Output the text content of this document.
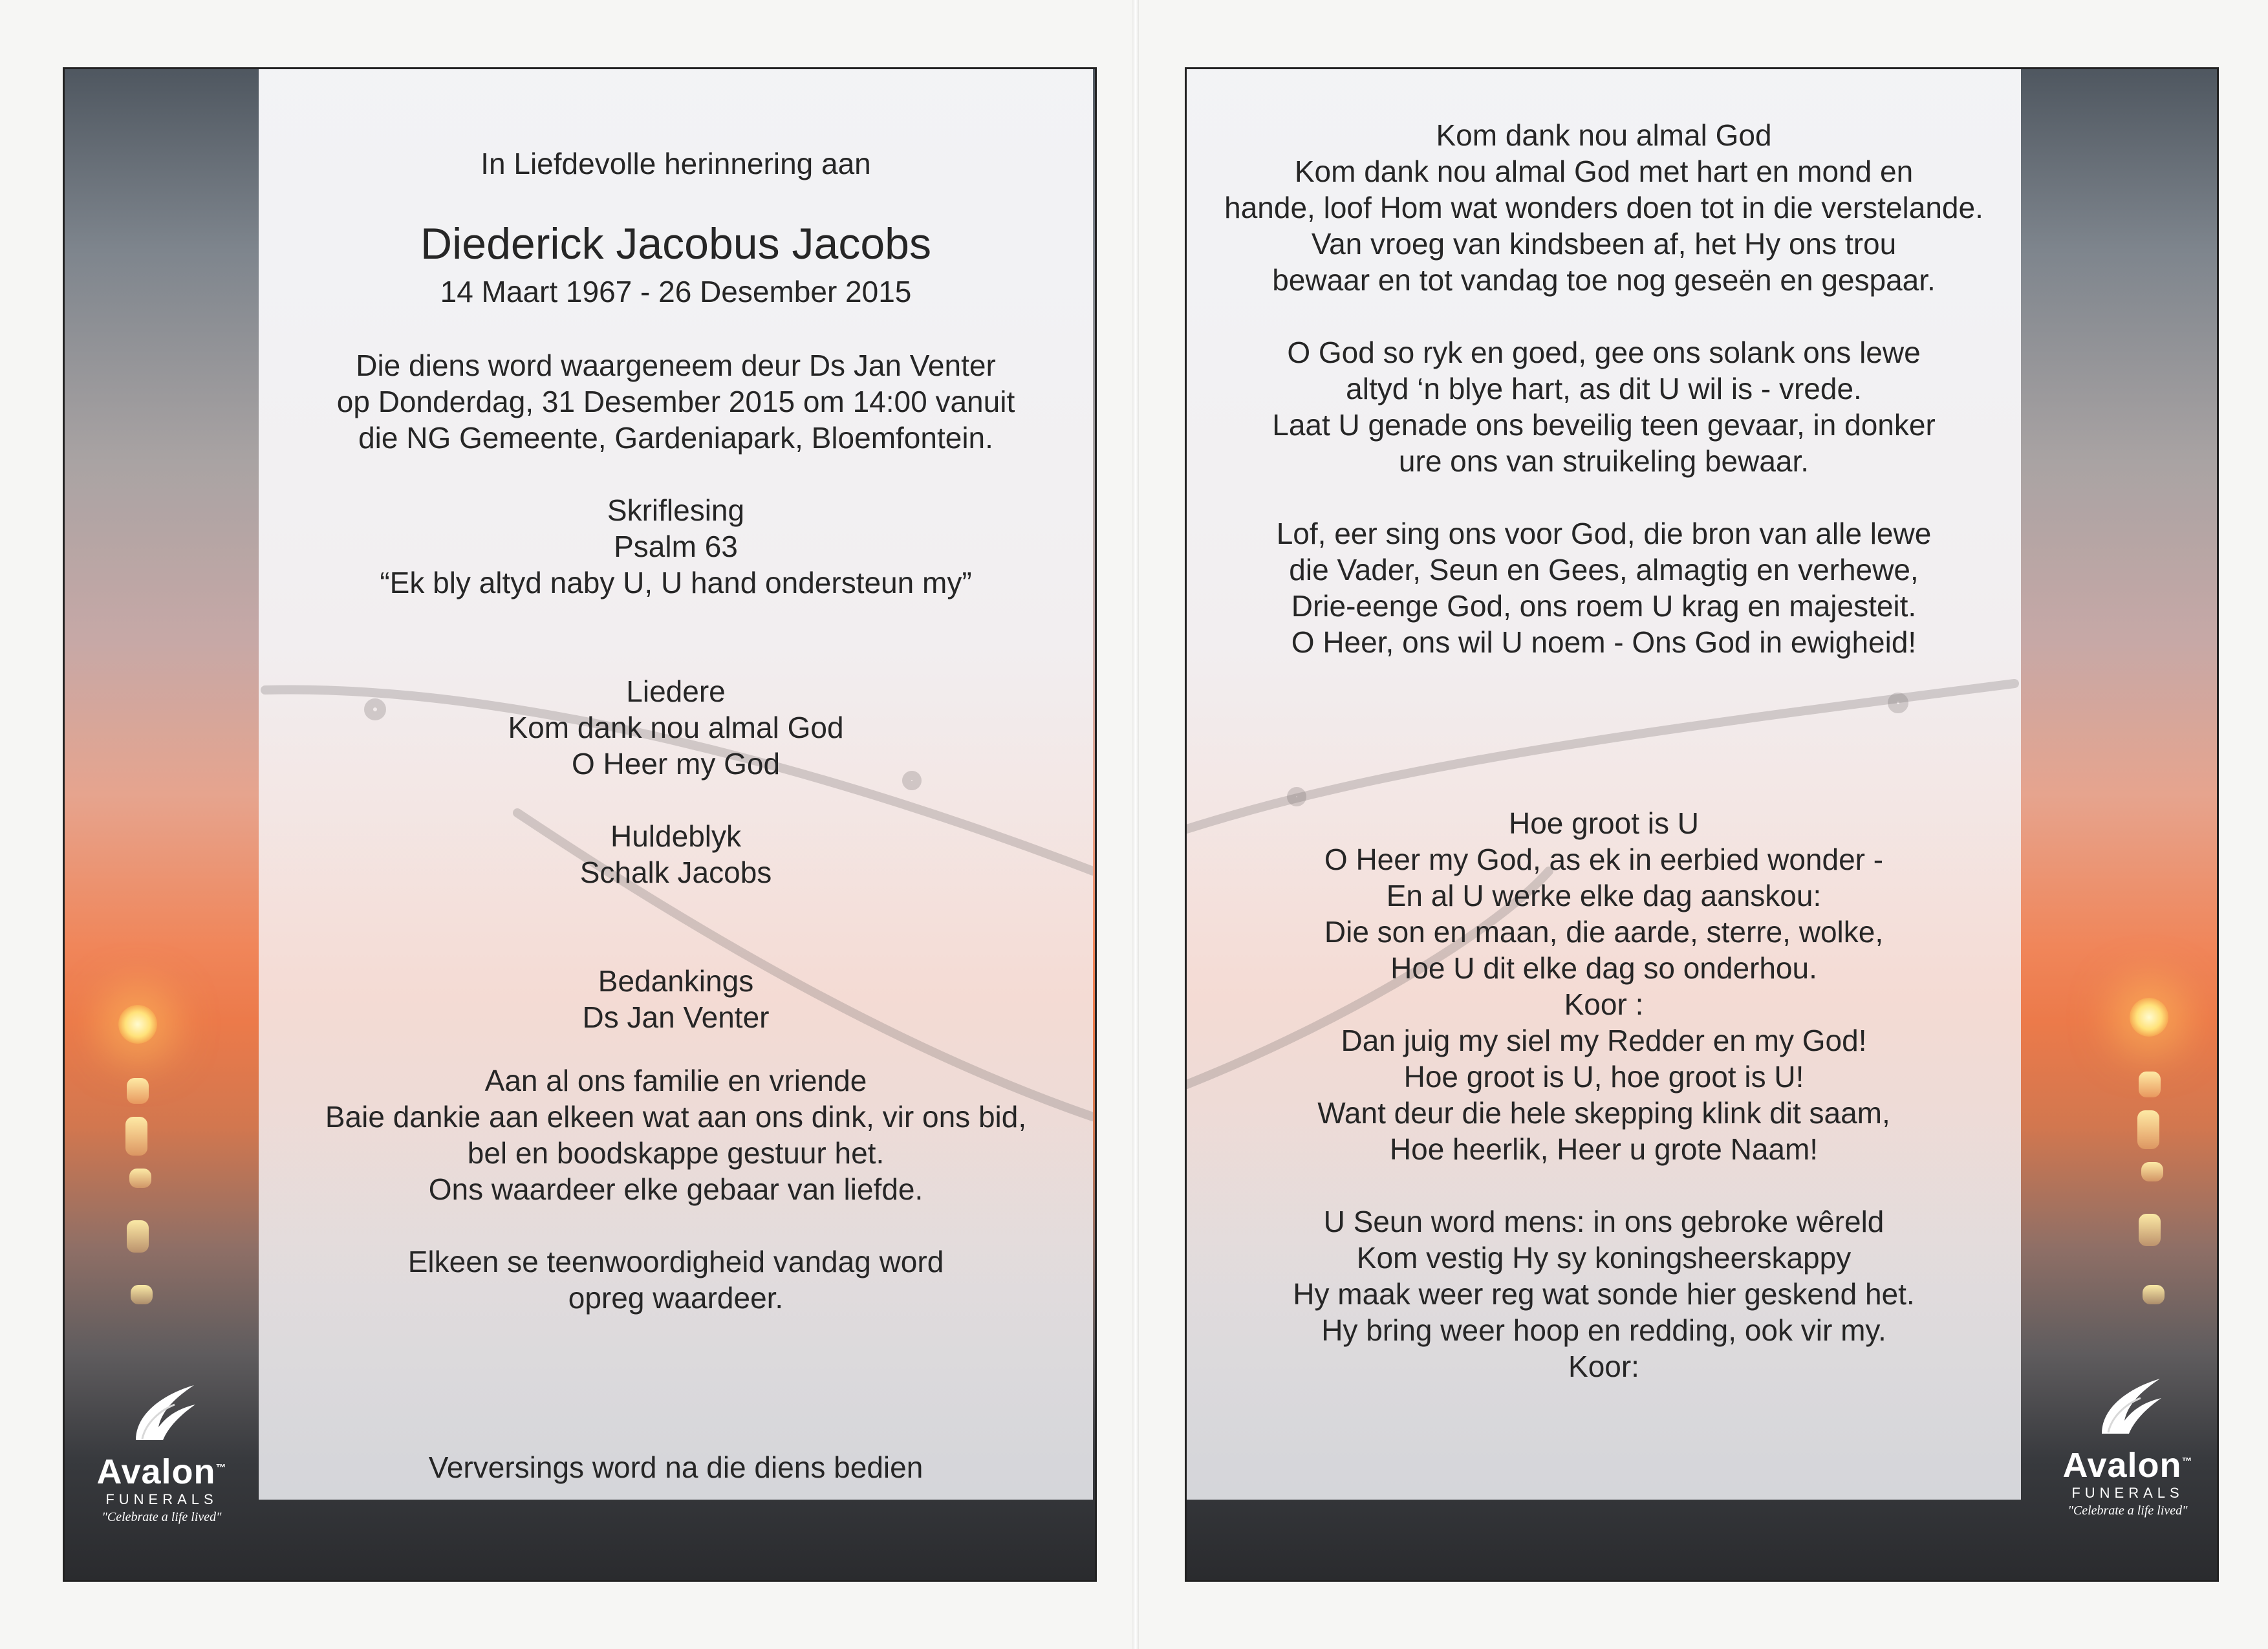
In Liefdevolle herinnering aan
Diederick Jacobus Jacobs
14 Maart 1967 - 26 Desember 2015
Die diens word waargeneem deur Ds Jan Venter
op Donderdag, 31 Desember 2015 om 14:00 vanuit
die NG Gemeente, Gardeniapark, Bloemfontein.
Skriflesing
Psalm 63
“Ek bly altyd naby U, U hand ondersteun my”
Liedere
Kom dank nou almal God
O Heer my God
Huldeblyk
Schalk Jacobs
Bedankings
Ds Jan Venter
Aan al ons familie en vriende
Baie dankie aan elkeen wat aan ons dink, vir ons bid,
bel en boodskappe gestuur het.
Ons waardeer elke gebaar van liefde.
Elkeen se teenwoordigheid vandag word
opreg waardeer.
Verversings word na die diens bedien
Avalon™
FUNERALS
"Celebrate a life lived"
Kom dank nou almal God
Kom dank nou almal God met hart en mond en
hande, loof Hom wat wonders doen tot in die verstelande.
Van vroeg van kindsbeen af, het Hy ons trou
bewaar en tot vandag toe nog geseën en gespaar.
O God so ryk en goed, gee ons solank ons lewe
altyd ‘n blye hart, as dit U wil is - vrede.
Laat U genade ons beveilig teen gevaar, in donker
ure ons van struikeling bewaar.
Lof, eer sing ons voor God, die bron van alle lewe
die Vader, Seun en Gees, almagtig en verhewe,
Drie-eenge God, ons roem U krag en majesteit.
O Heer, ons wil U noem - Ons God in ewigheid!
Hoe groot is U
O Heer my God, as ek in eerbied wonder -
En al U werke elke dag aanskou:
Die son en maan, die aarde, sterre, wolke,
Hoe U dit elke dag so onderhou.
Koor :
Dan juig my siel my Redder en my God!
Hoe groot is U, hoe groot is U!
Want deur die hele skepping klink dit saam,
Hoe heerlik, Heer u grote Naam!
U Seun word mens: in ons gebroke wêreld
Kom vestig Hy sy koningsheerskappy
Hy maak weer reg wat sonde hier geskend het.
Hy bring weer hoop en redding, ook vir my.
Koor:
Avalon™
FUNERALS
"Celebrate a life lived"
